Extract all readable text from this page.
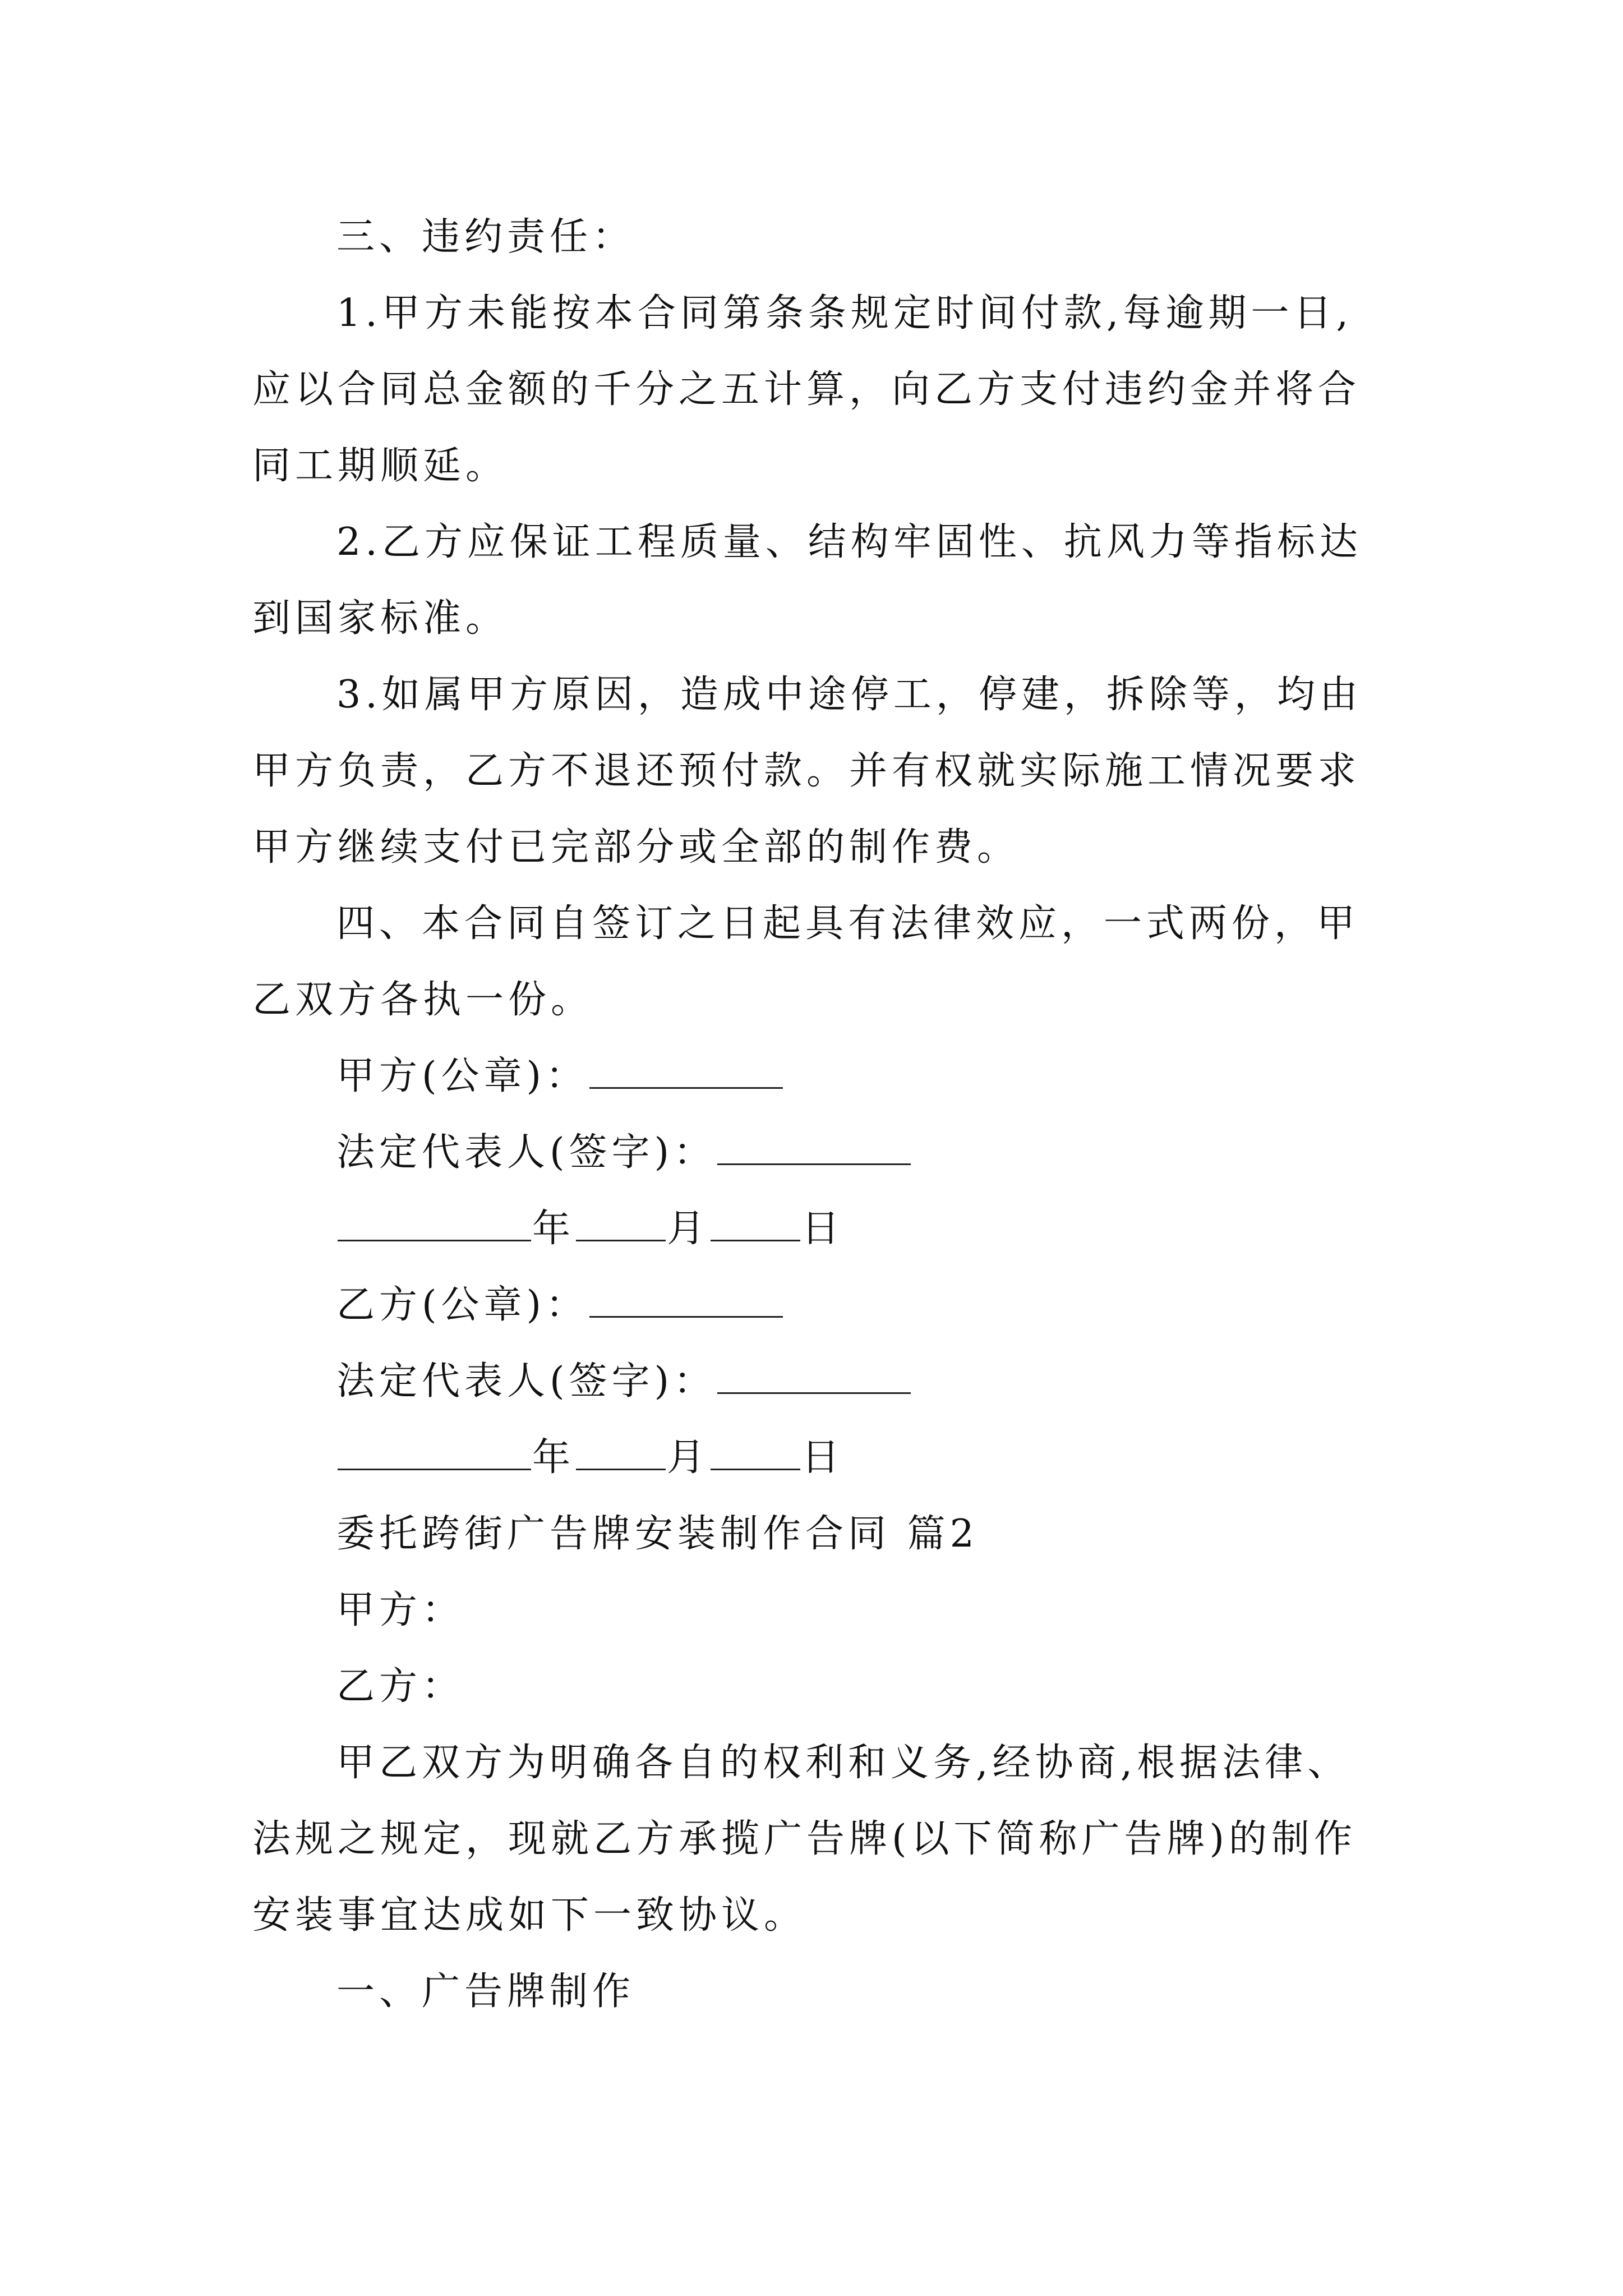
三、违约责任：
1.甲方未能按本合同第条条规定时间付款,每逾期一日,
应以合同总金额的千分之五计算，向乙方支付违约金并将合
同工期顺延。
2.乙方应保证工程质量、结构牢固性、抗风力等指标达
到国家标准。
3.如属甲方原因，造成中途停工，停建，拆除等，均由
甲方负责，乙方不退还预付款。并有权就实际施工情况要求
甲方继续支付已完部分或全部的制作费。
四、本合同自签订之日起具有法律效应，一式两份，甲
乙双方各执一份。
甲方(公章)：
法定代表人(签字)：
年 月 日
乙方(公章)：
法定代表人(签字)：
年 月 日
委托跨街广告牌安装制作合同 篇2
甲方：
乙方：
甲乙双方为明确各自的权利和义务,经协商,根据法律、
法规之规定，现就乙方承揽广告牌(以下简称广告牌)的制作
安装事宜达成如下一致协议。
一、广告牌制作
